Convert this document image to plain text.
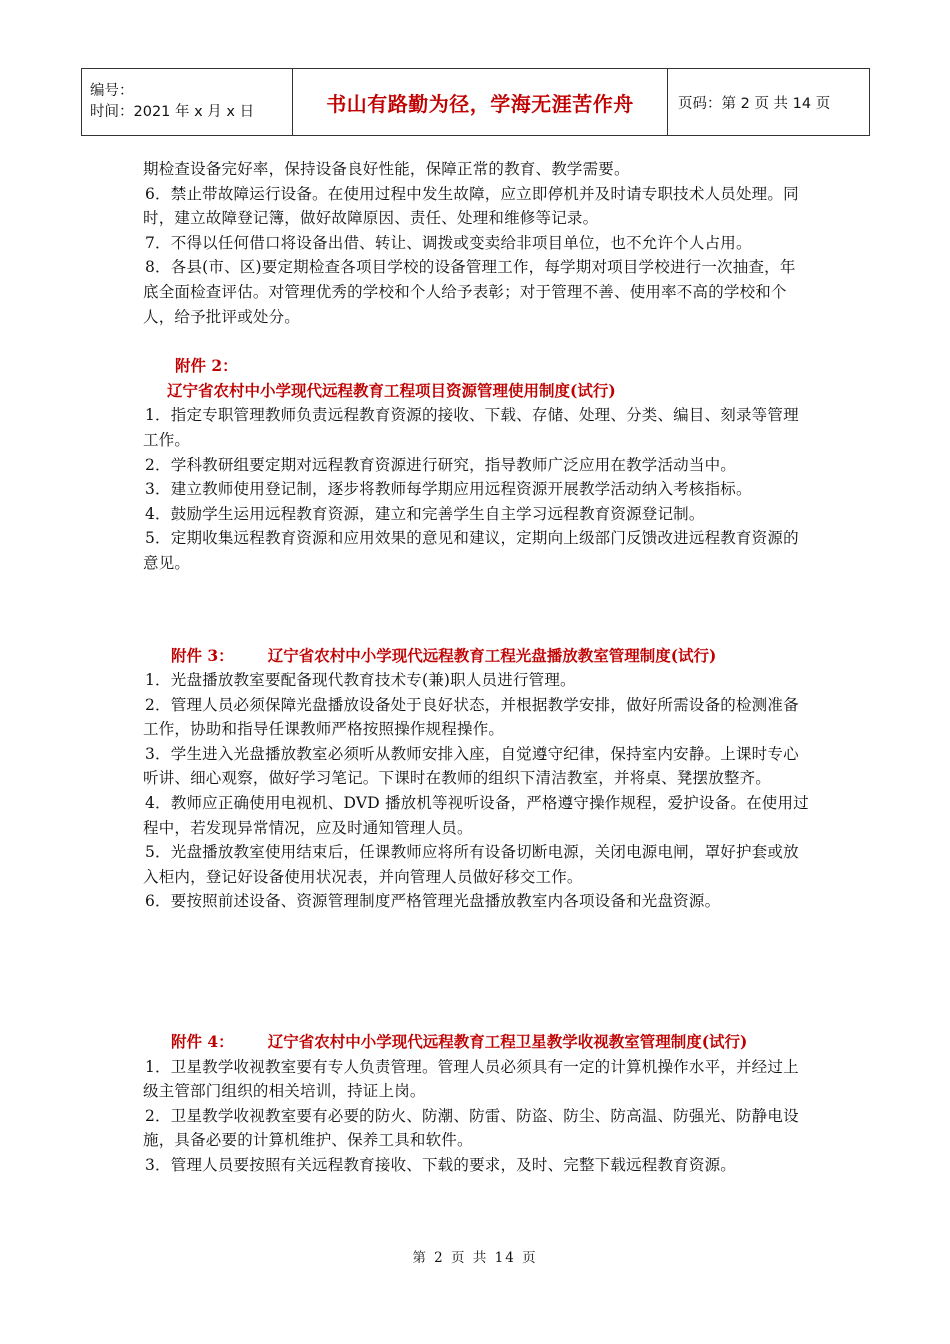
编号：
时间：2021 年 x 月 x 日	书山有路勤为径，学海无涯苦作舟	页码：第 2 页 共 14 页

期检查设备完好率，保持设备良好性能，保障正常的教育、教学需要。

6．禁止带故障运行设备。在使用过程中发生故障，应立即停机并及时请专职技术人员处理。同时，建立故障登记簿，做好故障原因、责任、处理和维修等记录。

7．不得以任何借口将设备出借、转让、调拨或变卖给非项目单位，也不允许个人占用。

8．各县(市、区)要定期检查各项目学校的设备管理工作，每学期对项目学校进行一次抽查，年底全面检查评估。对管理优秀的学校和个人给予表彰；对于管理不善、使用率不高的学校和个人，给予批评或处分。

附件 2：

辽宁省农村中小学现代远程教育工程项目资源管理使用制度(试行)

1．指定专职管理教师负责远程教育资源的接收、下载、存储、处理、分类、编目、刻录等管理工作。

2．学科教研组要定期对远程教育资源进行研究，指导教师广泛应用在教学活动当中。

3．建立教师使用登记制，逐步将教师每学期应用远程资源开展教学活动纳入考核指标。

4．鼓励学生运用远程教育资源，建立和完善学生自主学习远程教育资源登记制。

5．定期收集远程教育资源和应用效果的意见和建议，定期向上级部门反馈改进远程教育资源的意见。

附件 3： 辽宁省农村中小学现代远程教育工程光盘播放教室管理制度(试行)

1．光盘播放教室要配备现代教育技术专(兼)职人员进行管理。

2．管理人员必须保障光盘播放设备处于良好状态，并根据教学安排，做好所需设备的检测准备工作，协助和指导任课教师严格按照操作规程操作。

3．学生进入光盘播放教室必须听从教师安排入座，自觉遵守纪律，保持室内安静。上课时专心听讲、细心观察，做好学习笔记。下课时在教师的组织下清洁教室，并将桌、凳摆放整齐。

4．教师应正确使用电视机、DVD 播放机等视听设备，严格遵守操作规程，爱护设备。在使用过程中，若发现异常情况，应及时通知管理人员。

5．光盘播放教室使用结束后，任课教师应将所有设备切断电源，关闭电源电闸，罩好护套或放入柜内，登记好设备使用状况表，并向管理人员做好移交工作。

6．要按照前述设备、资源管理制度严格管理光盘播放教室内各项设备和光盘资源。

附件 4： 辽宁省农村中小学现代远程教育工程卫星教学收视教室管理制度(试行)

1．卫星教学收视教室要有专人负责管理。管理人员必须具有一定的计算机操作水平，并经过上级主管部门组织的相关培训，持证上岗。

2．卫星教学收视教室要有必要的防火、防潮、防雷、防盗、防尘、防高温、防强光、防静电设施，具备必要的计算机维护、保养工具和软件。

3．管理人员要按照有关远程教育接收、下载的要求，及时、完整下载远程教育资源。

第 2 页 共 14 页
